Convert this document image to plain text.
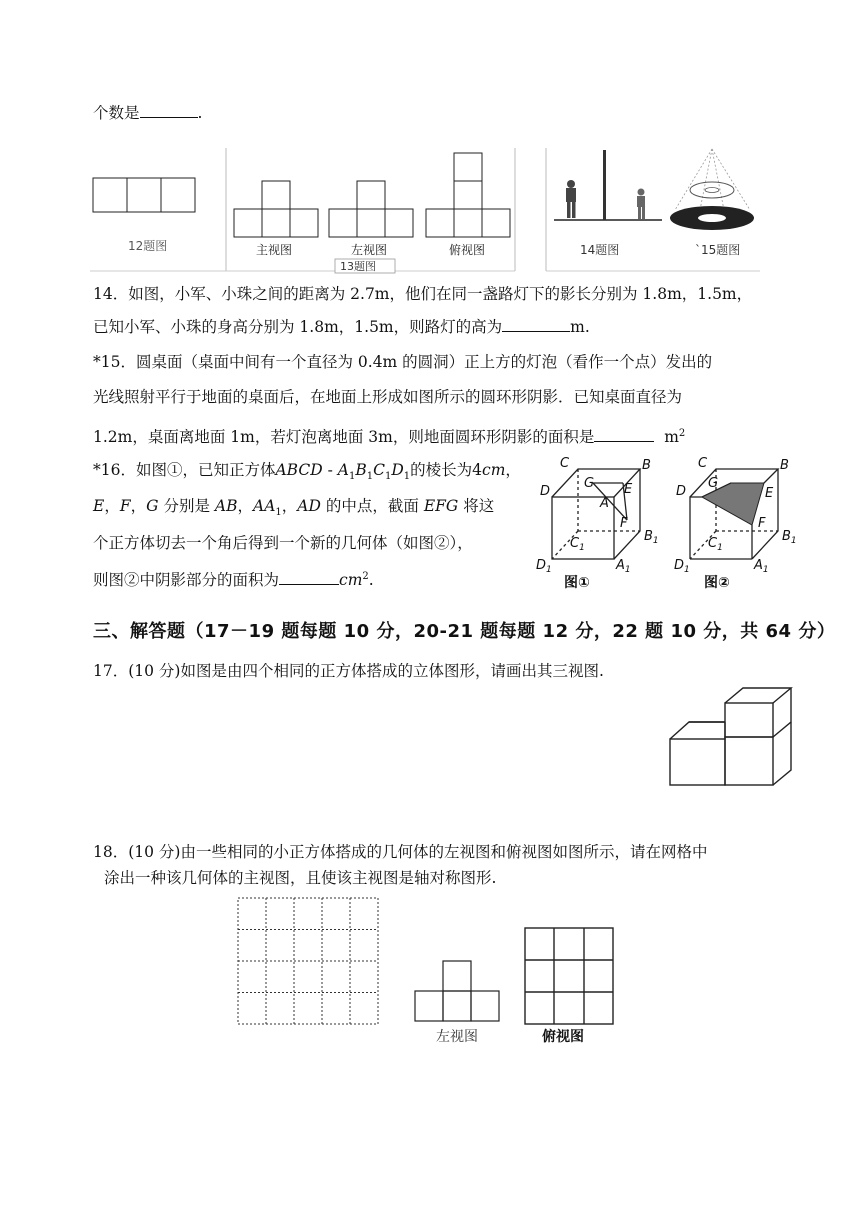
个数是	.
12题图	主视图	左视图	俯视图
13题图
14题图	`15题图
14．如图，小军、小珠之间的距离为 2.7m，他们在同一盏路灯下的影长分别为 1.8m，1.5m，
已知小军、小珠的身高分别为 1.8m，1.5m，则路灯的高为	m.
*15．圆桌面（桌面中间有一个直径为 0.4m 的圆洞）正上方的灯泡（看作一个点）发出的
光线照射平行于地面的桌面后，在地面上形成如图所示的圆环形阴影．已知桌面直径为
1.2m，桌面离地面 1m，若灯泡离地面 3m，则地面圆环形阴影的面积是	$m^2$
*16．如图①，已知正方体ABCD - $A_1B_1C_1D_1$的棱长为4cm，
E，F，G 分别是 AB，$AA_1$，AD 的中点，截面 EFG 将这
个正方体切去一个角后得到一个新的几何体（如图②），
则图②中阴影部分的面积为	$cm^2$.
C	B
D
G E
A
F
$B_1$
$C_1$
$D_1$	$A_1$
图①
C	B
D
G
E
F
$B_1$
$C_1$
$D_1$	$A_1$
图②
三、解答题（17－19 题每题 10 分，20-21 题每题 12 分，22 题 10 分，共 64 分）
17．(10 分)如图是由四个相同的正方体搭成的立体图形，请画出其三视图.
18．(10 分)由一些相同的小正方体搭成的几何体的左视图和俯视图如图所示，请在网格中
涂出一种该几何体的主视图，且使该主视图是轴对称图形.
左视图	俯视图
